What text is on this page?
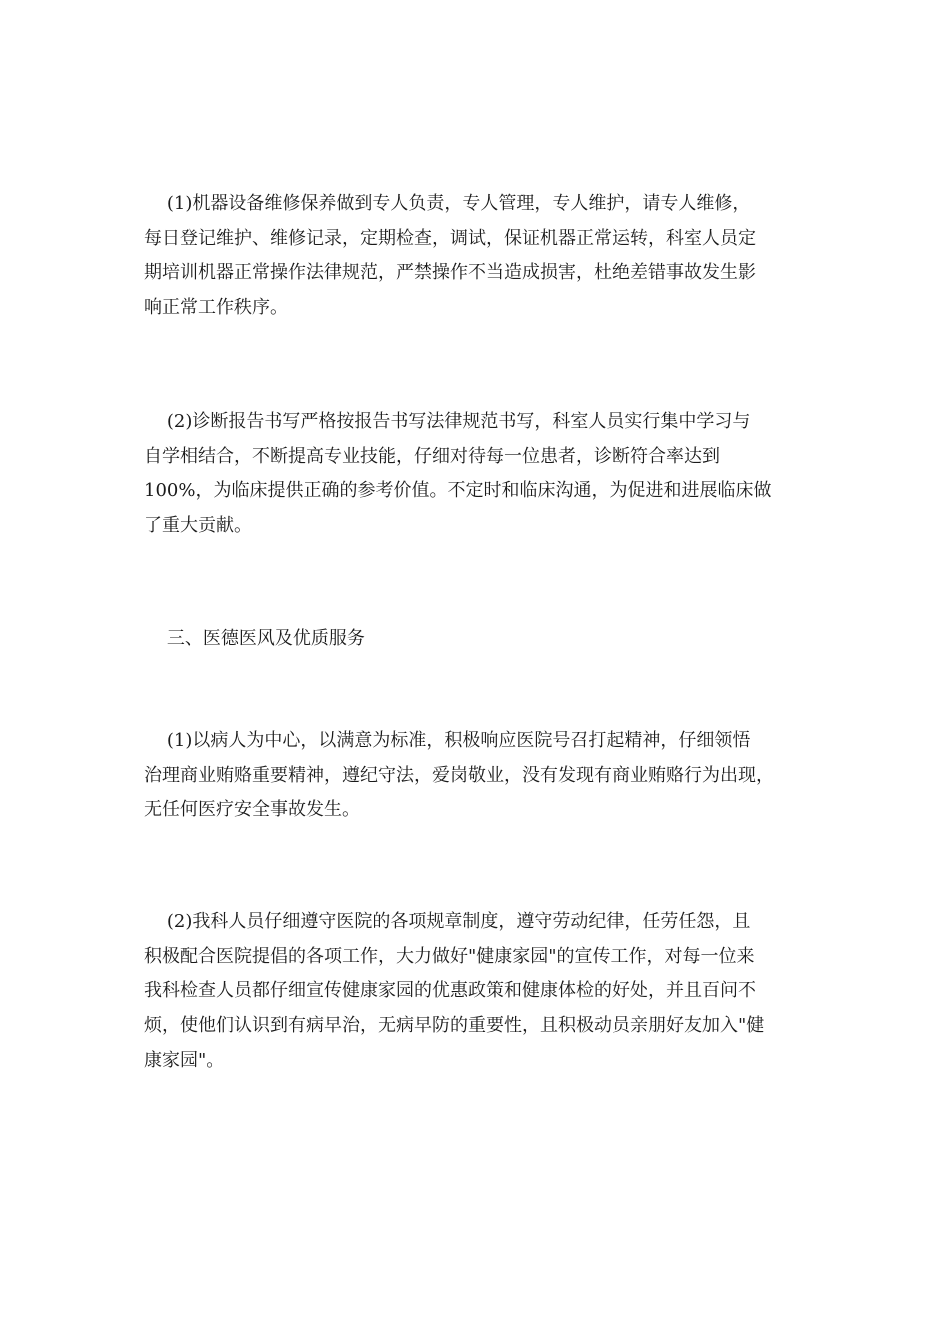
(1)机器设备维修保养做到专人负责，专人管理，专人维护，请专人维修，
每日登记维护、维修记录，定期检查，调试，保证机器正常运转，科室人员定
期培训机器正常操作法律规范，严禁操作不当造成损害，杜绝差错事故发生影
响正常工作秩序。
(2)诊断报告书写严格按报告书写法律规范书写，科室人员实行集中学习与
自学相结合，不断提高专业技能，仔细对待每一位患者，诊断符合率达到
100%，为临床提供正确的参考价值。不定时和临床沟通，为促进和进展临床做
了重大贡献。
三、医德医风及优质服务
(1)以病人为中心，以满意为标准，积极响应医院号召打起精神，仔细领悟
治理商业贿赂重要精神，遵纪守法，爱岗敬业，没有发现有商业贿赂行为出现，
无任何医疗安全事故发生。
(2)我科人员仔细遵守医院的各项规章制度，遵守劳动纪律，任劳任怨，且
积极配合医院提倡的各项工作，大力做好"健康家园"的宣传工作，对每一位来
我科检查人员都仔细宣传健康家园的优惠政策和健康体检的好处，并且百问不
烦，使他们认识到有病早治，无病早防的重要性，且积极动员亲朋好友加入"健
康家园"。
